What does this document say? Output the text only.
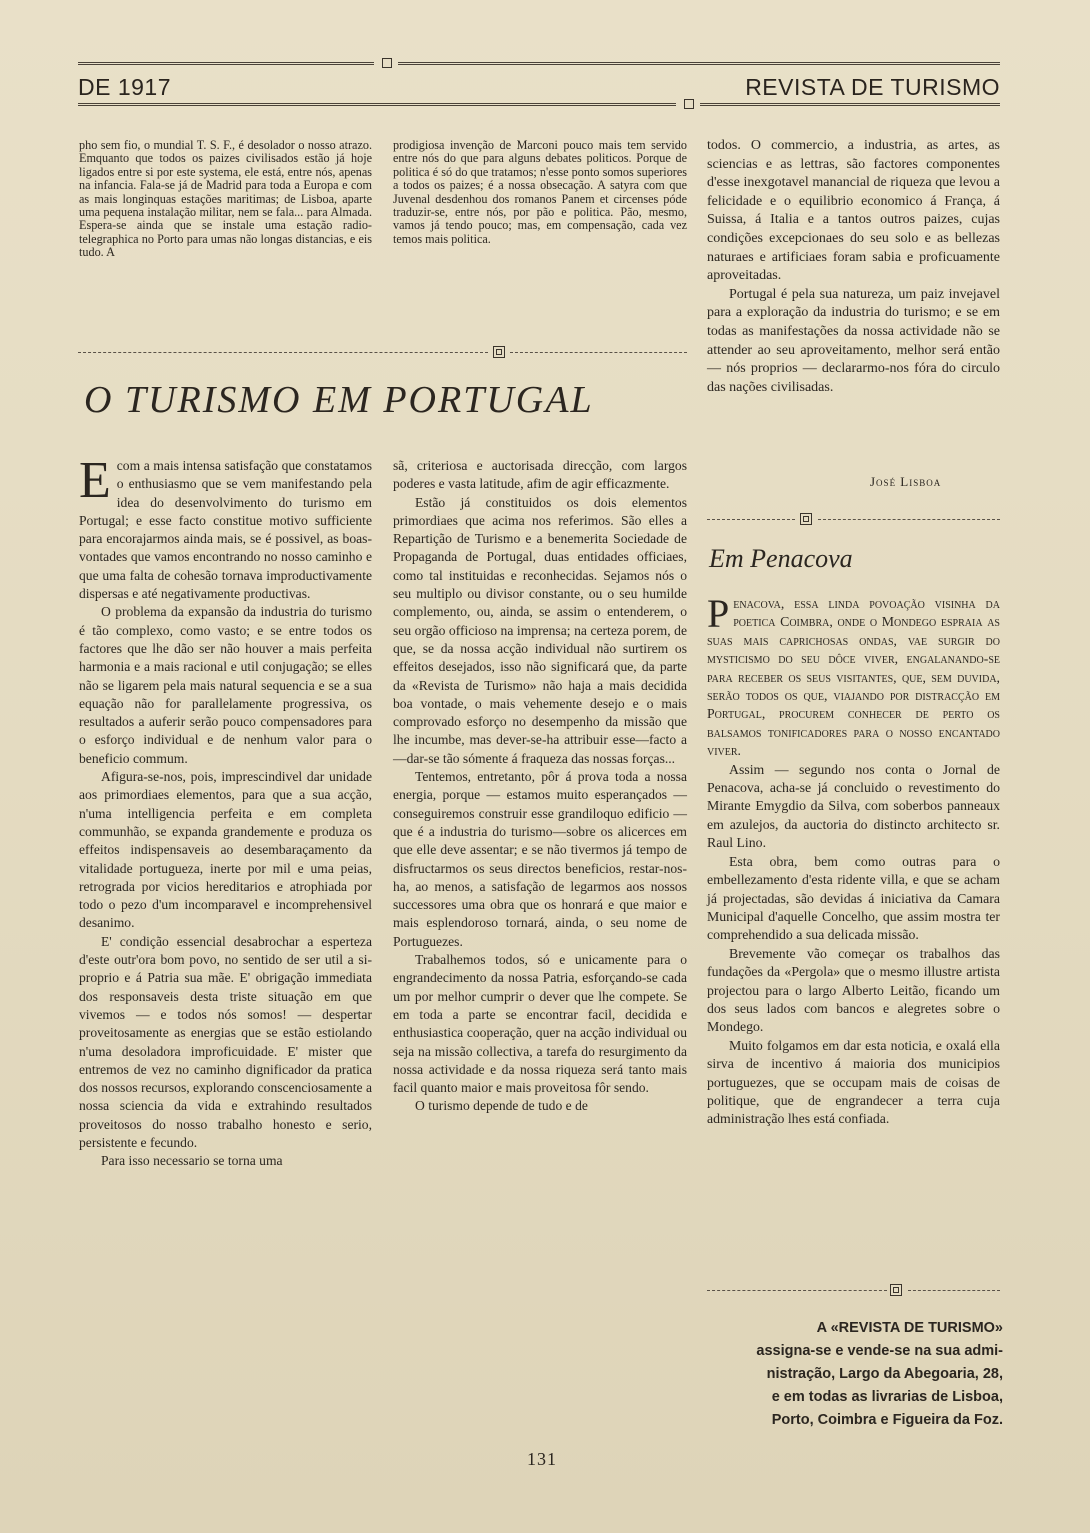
DE 1917	REVISTA DE TURISMO

pho sem fio, o mundial T. S. F., é desolador o nosso atrazo. Emquanto que todos os paizes civilisados estão já hoje ligados entre si por este systema, ele está, entre nós, apenas na infancia. Fala-se já de Madrid para toda a Europa e com as mais longinquas estações maritimas; de Lisboa, aparte uma pequena instalação militar, nem se fala... para Almada. Espera-se ainda que se instale uma estação radio-telegraphica no Porto para umas não longas distancias, e eis tudo. A

prodigiosa invenção de Marconi pouco mais tem servido entre nós do que para alguns debates politicos. Porque de politica é só do que tratamos; n'esse ponto somos superiores a todos os paizes; é a nossa obsecação. A satyra com que Juvenal desdenhou dos romanos Panem et circenses póde traduzir-se, entre nós, por pão e politica. Pão, mesmo, vamos já tendo pouco; mas, em compensação, cada vez temos mais politica.

todos. O commercio, a industria, as artes, as sciencias e as lettras, são factores componentes d'esse inexgotavel manancial de riqueza que levou a felicidade e o equilibrio economico á França, á Suissa, á Italia e a tantos outros paizes, cujas condições excepcionaes do seu solo e as bellezas naturaes e artificiaes foram sabia e proficuamente aproveitadas.

Portugal é pela sua natureza, um paiz invejavel para a exploração da industria do turismo; e se em todas as manifestações da nossa actividade não se attender ao seu aproveitamento, melhor será então — nós proprios — declararmo-nos fóra do circulo das nações civilisadas.

José Lisboa
O TURISMO EM PORTUGAL

Ecom a mais intensa satisfação que constatamos o enthusiasmo que se vem manifestando pela idea do desenvolvimento do turismo em Portugal; e esse facto constitue motivo sufficiente para encorajarmos ainda mais, se é possivel, as boas-vontades que vamos encontrando no nosso caminho e que uma falta de cohesão tornava improductivamente dispersas e até negativamente productivas.

O problema da expansão da industria do turismo é tão complexo, como vasto; e se entre todos os factores que lhe dão ser não houver a mais perfeita harmonia e a mais racional e util conjugação; se elles não se ligarem pela mais natural sequencia e se a sua equação não for parallelamente progressiva, os resultados a auferir serão pouco compensadores para o esforço individual e de nenhum valor para o beneficio commum.

Afigura-se-nos, pois, imprescindivel dar unidade aos primordiaes elementos, para que a sua acção, n'uma intelligencia perfeita e em completa communhão, se expanda grandemente e produza os effeitos indispensaveis ao desembaraçamento da vitalidade portugueza, inerte por mil e uma peias, retrograda por vicios hereditarios e atrophiada por todo o pezo d'um incomparavel e incomprehensivel desanimo.

E' condição essencial desabrochar a esperteza d'este outr'ora bom povo, no sentido de ser util a si-proprio e á Patria sua mãe. E' obrigação immediata dos responsaveis desta triste situação em que vivemos — e todos nós somos! — despertar proveitosamente as energias que se estão estiolando n'uma desoladora improficuidade. E' mister que entremos de vez no caminho dignificador da pratica dos nossos recursos, explorando conscenciosamente a nossa sciencia da vida e extrahindo resultados proveitosos do nosso trabalho honesto e serio, persistente e fecundo.

Para isso necessario se torna uma

sã, criteriosa e auctorisada direcção, com largos poderes e vasta latitude, afim de agir efficazmente.

Estão já constituidos os dois elementos primordiaes que acima nos referimos. São elles a Repartição de Turismo e a benemerita Sociedade de Propaganda de Portugal, duas entidades officiaes, como tal instituidas e reconhecidas. Sejamos nós o seu multiplo ou divisor constante, ou o seu humilde complemento, ou, ainda, se assim o entenderem, o seu orgão officioso na imprensa; na certeza porem, de que, se da nossa acção individual não surtirem os effeitos desejados, isso não significará que, da parte da «Revista de Turismo» não haja a mais decidida boa vontade, o mais vehemente desejo e o mais comprovado esforço no desempenho da missão que lhe incumbe, mas dever-se-ha attribuir esse—facto a—dar-se tão sómente á fraqueza das nossas forças...

Tentemos, entretanto, pôr á prova toda a nossa energia, porque — estamos muito esperançados — conseguiremos construir esse grandiloquo edificio — que é a industria do turismo—sobre os alicerces em que elle deve assentar; e se não tivermos já tempo de disfructarmos os seus directos beneficios, restar-nos-ha, ao menos, a satisfação de legarmos aos nossos successores uma obra que os honrará e que maior e mais esplendoroso tornará, ainda, o seu nome de Portuguezes.

Trabalhemos todos, só e unicamente para o engrandecimento da nossa Patria, esforçando-se cada um por melhor cumprir o dever que lhe compete. Se em toda a parte se encontrar facil, decidida e enthusiastica cooperação, quer na acção individual ou seja na missão collectiva, a tarefa do resurgimento da nossa actividade e da nossa riqueza será tanto mais facil quanto maior e mais proveitosa fôr sendo.

O turismo depende de tudo e de

Em Penacova

Penacova, essa linda povoação visinha da poetica Coimbra, onde o Mondego espraia as suas mais caprichosas ondas, vae surgir do mysticismo do seu dôce viver, engalanando-se para receber os seus visitantes, que, sem duvida, serão todos os que, viajando por distracção em Portugal, procurem conhecer de perto os balsamos tonificadores para o nosso encantado viver.

Assim — segundo nos conta o Jornal de Penacova, acha-se já concluido o revestimento do Mirante Emygdio da Silva, com soberbos panneaux em azulejos, da auctoria do distincto architecto sr. Raul Lino.

Esta obra, bem como outras para o embellezamento d'esta ridente villa, e que se acham já projectadas, são devidas á iniciativa da Camara Municipal d'aquelle Concelho, que assim mostra ter comprehendido a sua delicada missão.

Brevemente vão começar os trabalhos das fundações da «Pergola» que o mesmo illustre artista projectou para o largo Alberto Leitão, ficando um dos seus lados com bancos e alegretes sobre o Mondego.

Muito folgamos em dar esta noticia, e oxalá ella sirva de incentivo á maioria dos municipios portuguezes, que se occupam mais de coisas de politique, que de engrandecer a terra cuja administração lhes está confiada.

A «REVISTA DE TURISMO»
assigna-se e vende-se na sua admi-
nistração, Largo da Abegoaria, 28,
e em todas as livrarias de Lisboa,
Porto, Coimbra e Figueira da Foz.
131
